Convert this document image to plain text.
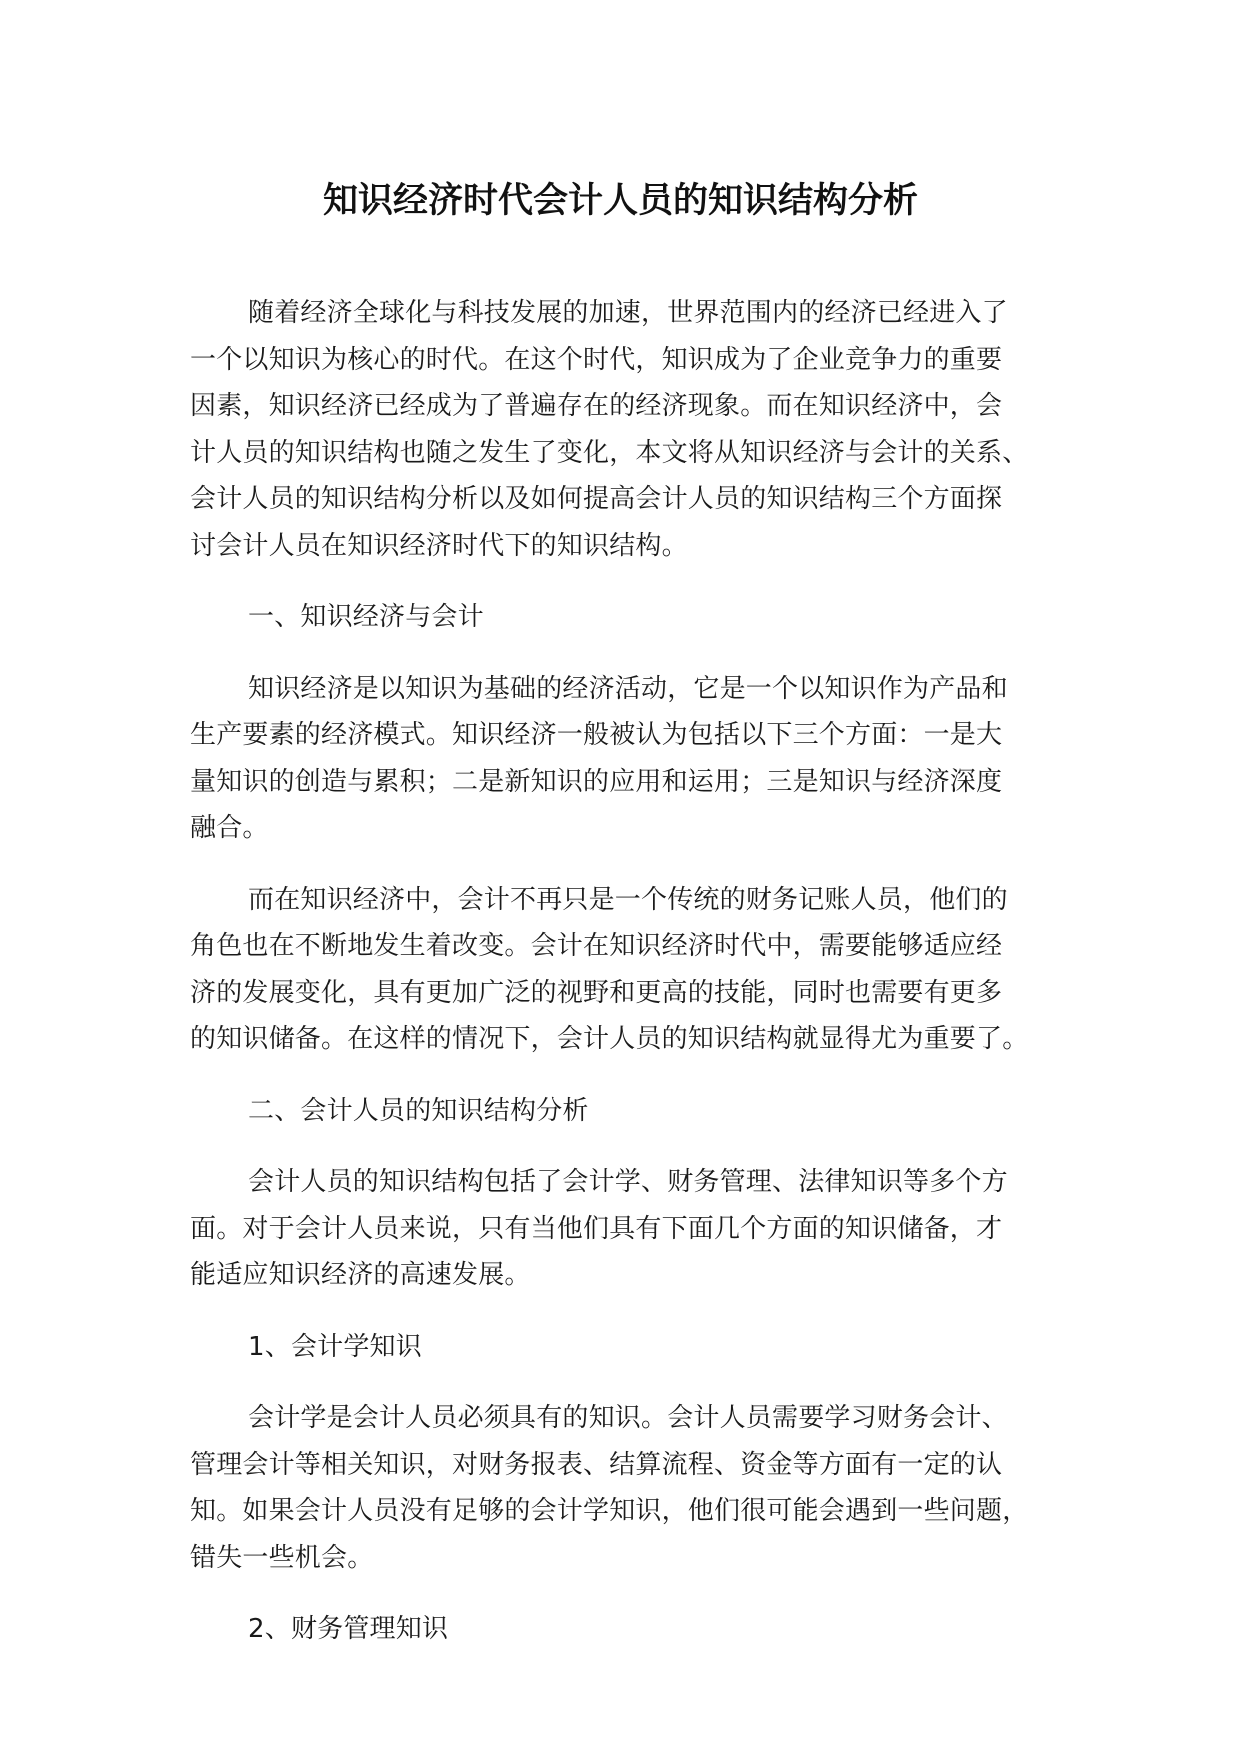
知识经济时代会计人员的知识结构分析
随着经济全球化与科技发展的加速，世界范围内的经济已经进入了
一个以知识为核心的时代。在这个时代，知识成为了企业竞争力的重要
因素，知识经济已经成为了普遍存在的经济现象。而在知识经济中，会
计人员的知识结构也随之发生了变化，本文将从知识经济与会计的关系、
会计人员的知识结构分析以及如何提高会计人员的知识结构三个方面探
讨会计人员在知识经济时代下的知识结构。
一、知识经济与会计
知识经济是以知识为基础的经济活动，它是一个以知识作为产品和
生产要素的经济模式。知识经济一般被认为包括以下三个方面：一是大
量知识的创造与累积；二是新知识的应用和运用；三是知识与经济深度
融合。
而在知识经济中，会计不再只是一个传统的财务记账人员，他们的
角色也在不断地发生着改变。会计在知识经济时代中，需要能够适应经
济的发展变化，具有更加广泛的视野和更高的技能，同时也需要有更多
的知识储备。在这样的情况下，会计人员的知识结构就显得尤为重要了。
二、会计人员的知识结构分析
会计人员的知识结构包括了会计学、财务管理、法律知识等多个方
面。对于会计人员来说，只有当他们具有下面几个方面的知识储备，才
能适应知识经济的高速发展。
1、会计学知识
会计学是会计人员必须具有的知识。会计人员需要学习财务会计、
管理会计等相关知识，对财务报表、结算流程、资金等方面有一定的认
知。如果会计人员没有足够的会计学知识，他们很可能会遇到一些问题，
错失一些机会。
2、财务管理知识
